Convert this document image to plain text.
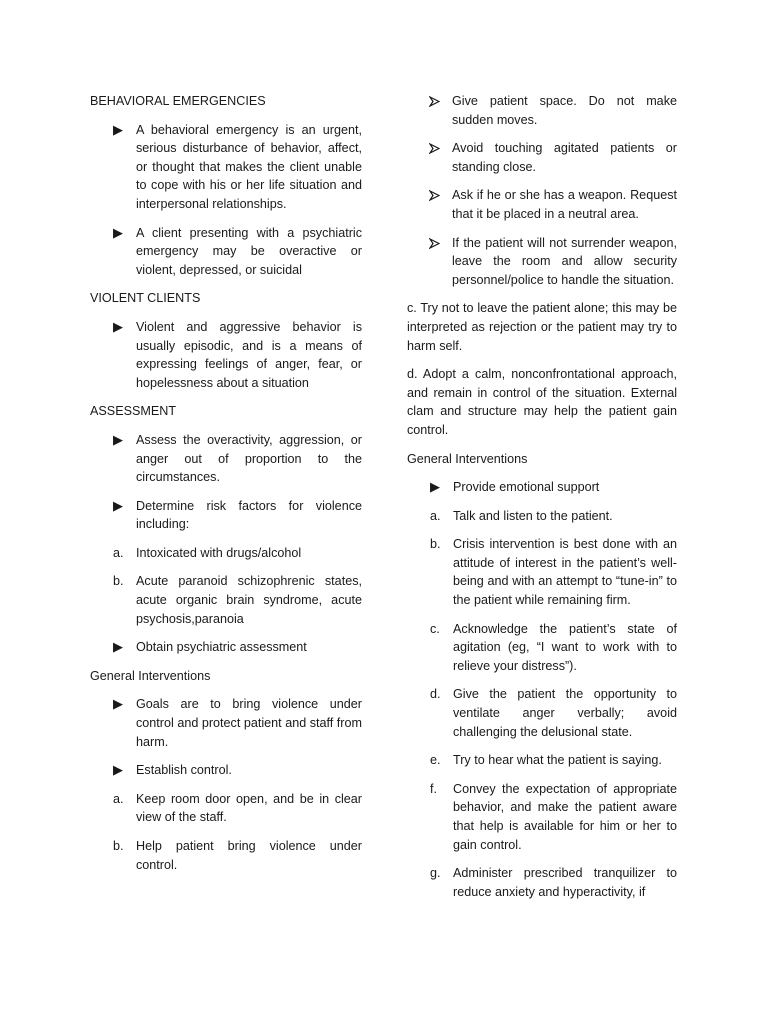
BEHAVIORAL EMERGENCIES
▶ A behavioral emergency is an urgent, serious disturbance of behavior, affect, or thought that makes the client unable to cope with his or her life situation and interpersonal relationships.
▶ A client presenting with a psychiatric emergency may be overactive or violent, depressed, or suicidal
VIOLENT CLIENTS
▶ Violent and aggressive behavior is usually episodic, and is a means of expressing feelings of anger, fear, or hopelessness about a situation
ASSESSMENT
▶ Assess the overactivity, aggression, or anger out of proportion to the circumstances.
▶ Determine risk factors for violence including:
a. Intoxicated with drugs/alcohol
b. Acute paranoid schizophrenic states, acute organic brain syndrome, acute psychosis,paranoia
▶ Obtain psychiatric assessment
General Interventions
▶ Goals are to bring violence under control and protect patient and staff from harm.
▶ Establish control.
a. Keep room door open, and be in clear view of the staff.
b. Help patient bring violence under control.
Give patient space. Do not make sudden moves.
Avoid touching agitated patients or standing close.
Ask if he or she has a weapon. Request that it be placed in a neutral area.
If the patient will not surrender weapon, leave the room and allow security personnel/police to handle the situation.
c. Try not to leave the patient alone; this may be interpreted as rejection or the patient may try to harm self.
d. Adopt a calm, nonconfrontational approach, and remain in control of the situation. External clam and structure may help the patient gain control.
General Interventions
▶ Provide emotional support
a. Talk and listen to the patient.
b. Crisis intervention is best done with an attitude of interest in the patient’s well-being and with an attempt to “tune-in” to the patient while remaining firm.
c. Acknowledge the patient’s state of agitation (eg, “I want to work with to relieve your distress”).
d. Give the patient the opportunity to ventilate anger verbally; avoid challenging the delusional state.
e. Try to hear what the patient is saying.
f. Convey the expectation of appropriate behavior, and make the patient aware that help is available for him or her to gain control.
g. Administer prescribed tranquilizer to reduce anxiety and hyperactivity, if
